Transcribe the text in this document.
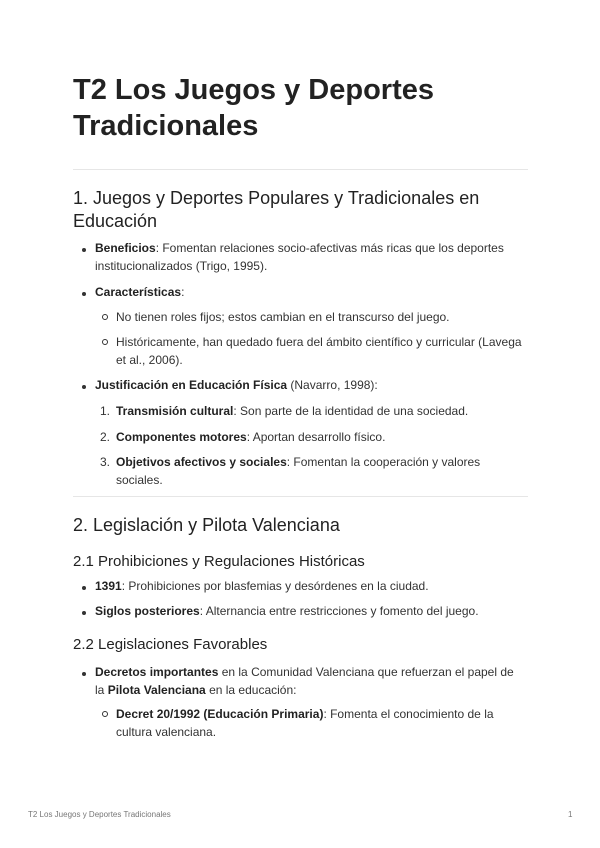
T2 Los Juegos y Deportes Tradicionales
1. Juegos y Deportes Populares y Tradicionales en Educación
Beneficios: Fomentan relaciones socio-afectivas más ricas que los deportes institucionalizados (Trigo, 1995).
Características:
No tienen roles fijos; estos cambian en el transcurso del juego.
Históricamente, han quedado fuera del ámbito científico y curricular (Lavega et al., 2006).
Justificación en Educación Física (Navarro, 1998):
1. Transmisión cultural: Son parte de la identidad de una sociedad.
2. Componentes motores: Aportan desarrollo físico.
3. Objetivos afectivos y sociales: Fomentan la cooperación y valores sociales.
2. Legislación y Pilota Valenciana
2.1 Prohibiciones y Regulaciones Históricas
1391: Prohibiciones por blasfemias y desórdenes en la ciudad.
Siglos posteriores: Alternancia entre restricciones y fomento del juego.
2.2 Legislaciones Favorables
Decretos importantes en la Comunidad Valenciana que refuerzan el papel de la Pilota Valenciana en la educación:
Decret 20/1992 (Educación Primaria): Fomenta el conocimiento de la cultura valenciana.
T2 Los Juegos y Deportes Tradicionales	1
